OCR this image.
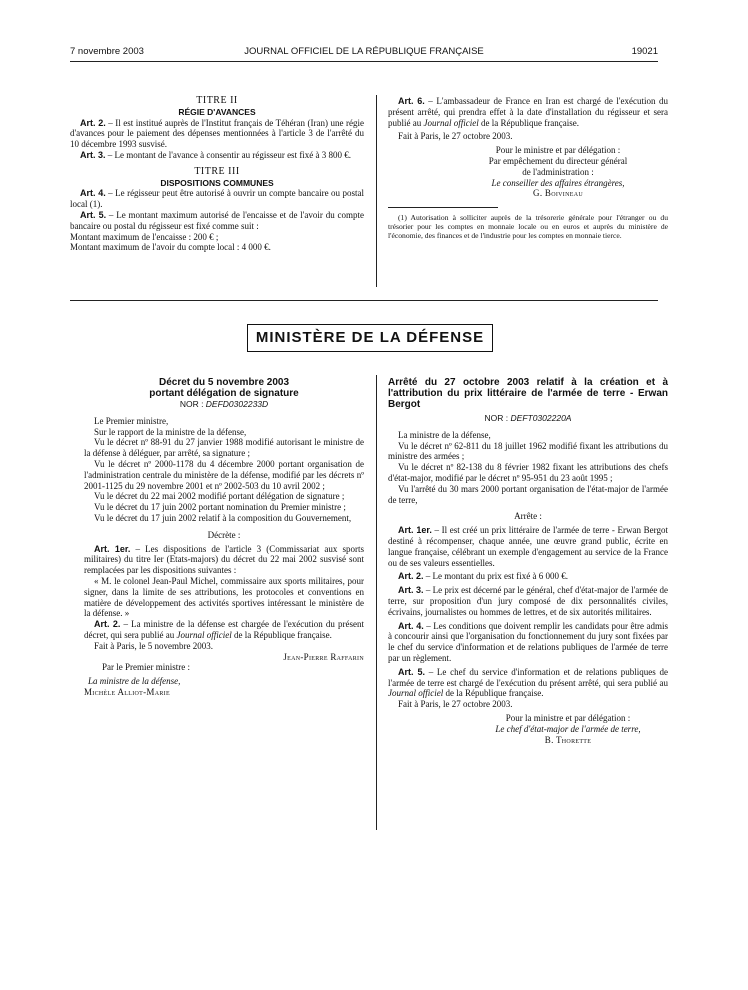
7 novembre 2003	JOURNAL OFFICIEL DE LA RÉPUBLIQUE FRANÇAISE	19021

TITRE II

RÉGIE D'AVANCES

Art. 2. – Il est institué auprès de l'Institut français de Téhéran (Iran) une régie d'avances pour le paiement des dépenses mentionnées à l'article 3 de l'arrêté du 10 décembre 1993 susvisé.

Art. 3. – Le montant de l'avance à consentir au régisseur est fixé à 3 800 €.

TITRE III

DISPOSITIONS COMMUNES

Art. 4. – Le régisseur peut être autorisé à ouvrir un compte bancaire ou postal local (1).

Art. 5. – Le montant maximum autorisé de l'encaisse et de l'avoir du compte bancaire ou postal du régisseur est fixé comme suit :

Montant maximum de l'encaisse : 200 € ;

Montant maximum de l'avoir du compte local : 4 000 €.

Art. 6. – L'ambassadeur de France en Iran est chargé de l'exécution du présent arrêté, qui prendra effet à la date d'installation du régisseur et sera publié au Journal officiel de la République française.

Fait à Paris, le 27 octobre 2003.

Pour le ministre et par délégation :

Par empêchement du directeur général

de l'administration :

Le conseiller des affaires étrangères,

G. Boivineau

(1) Autorisation à solliciter auprès de la trésorerie générale pour l'étranger ou du trésorier pour les comptes en monnaie locale ou en euros et auprès du ministère de l'économie, des finances et de l'industrie pour les comptes en monnaie tierce.

MINISTÈRE DE LA DÉFENSE

Décret du 5 novembre 2003

portant délégation de signature

NOR : DEFD0302233D

Le Premier ministre,

Sur le rapport de la ministre de la défense,

Vu le décret nº 88-91 du 27 janvier 1988 modifié autorisant le ministre de la défense à déléguer, par arrêté, sa signature ;

Vu le décret nº 2000-1178 du 4 décembre 2000 portant organisation de l'administration centrale du ministère de la défense, modifié par les décrets nº 2001-1125 du 29 novembre 2001 et nº 2002-503 du 10 avril 2002 ;

Vu le décret du 22 mai 2002 modifié portant délégation de signature ;

Vu le décret du 17 juin 2002 portant nomination du Premier ministre ;

Vu le décret du 17 juin 2002 relatif à la composition du Gouvernement,

Décrète :

Art. 1er. – Les dispositions de l'article 3 (Commissariat aux sports militaires) du titre Ier (Etats-majors) du décret du 22 mai 2002 susvisé sont remplacées par les dispositions suivantes :

« M. le colonel Jean-Paul Michel, commissaire aux sports militaires, pour signer, dans la limite de ses attributions, les protocoles et conventions en matière de développement des activités sportives intéressant le ministère de la défense. »

Art. 2. – La ministre de la défense est chargée de l'exécution du présent décret, qui sera publié au Journal officiel de la République française.

Fait à Paris, le 5 novembre 2003.

Jean-Pierre Raffarin

Par le Premier ministre :

La ministre de la défense,

Michèle Alliot-Marie

Arrêté du 27 octobre 2003 relatif à la création et à l'attribution du prix littéraire de l'armée de terre - Erwan Bergot

NOR : DEFT0302220A

La ministre de la défense,

Vu le décret nº 62-811 du 18 juillet 1962 modifié fixant les attributions du ministre des armées ;

Vu le décret nº 82-138 du 8 février 1982 fixant les attributions des chefs d'état-major, modifié par le décret nº 95-951 du 23 août 1995 ;

Vu l'arrêté du 30 mars 2000 portant organisation de l'état-major de l'armée de terre,

Arrête :

Art. 1er. – Il est créé un prix littéraire de l'armée de terre - Erwan Bergot destiné à récompenser, chaque année, une œuvre grand public, écrite en langue française, célébrant un exemple d'engagement au service de la France ou de ses valeurs essentielles.

Art. 2. – Le montant du prix est fixé à 6 000 €.

Art. 3. – Le prix est décerné par le général, chef d'état-major de l'armée de terre, sur proposition d'un jury composé de dix personnalités civiles, écrivains, journalistes ou hommes de lettres, et de six autorités militaires.

Art. 4. – Les conditions que doivent remplir les candidats pour être admis à concourir ainsi que l'organisation du fonctionnement du jury sont fixées par le chef du service d'information et de relations publiques de l'armée de terre par un règlement.

Art. 5. – Le chef du service d'information et de relations publiques de l'armée de terre est chargé de l'exécution du présent arrêté, qui sera publié au Journal officiel de la République française.

Fait à Paris, le 27 octobre 2003.

Pour la ministre et par délégation :

Le chef d'état-major de l'armée de terre,

B. Thorette
